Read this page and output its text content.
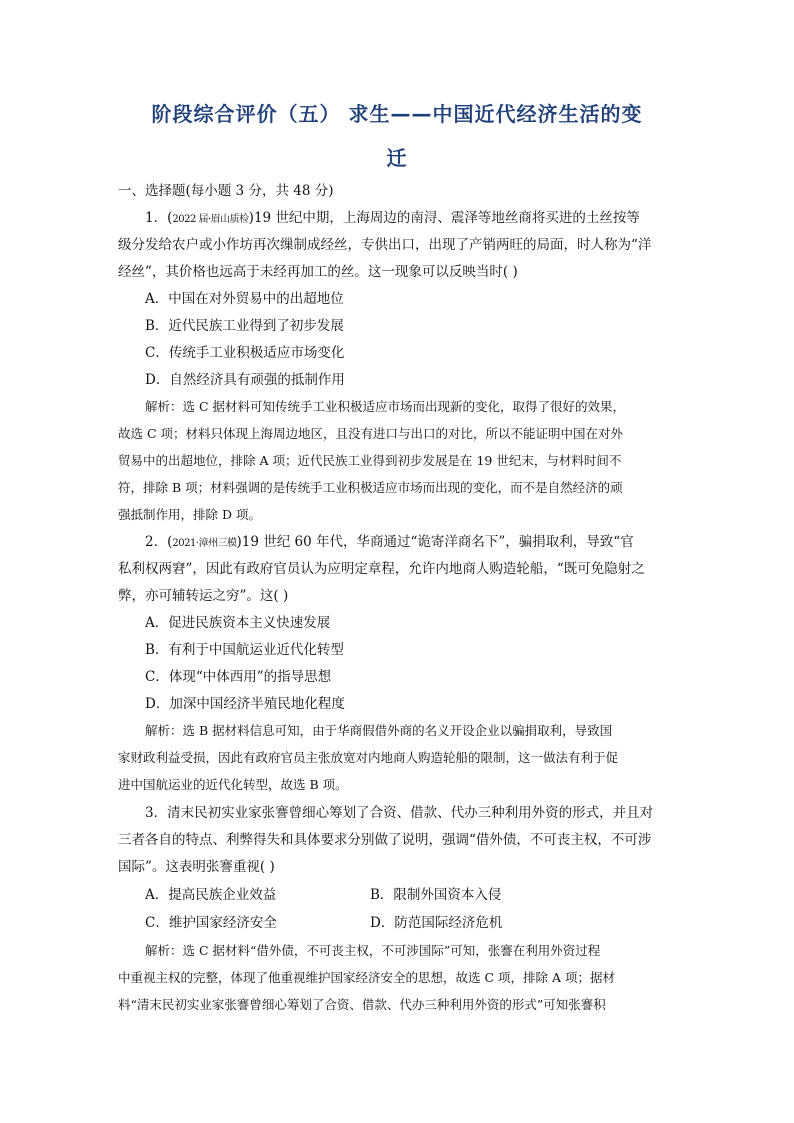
阶段综合评价（五） 求生——中国近代经济生活的变
迁
一、选择题(每小题 3 分，共 48 分)
1．(2022 届·眉山质检)19 世纪中期，上海周边的南浔、震泽等地丝商将买进的土丝按等
级分发给农户或小作坊再次缫制成经丝，专供出口，出现了产销两旺的局面，时人称为“洋
经丝”，其价格也远高于未经再加工的丝。这一现象可以反映当时( )
A．中国在对外贸易中的出超地位
B．近代民族工业得到了初步发展
C．传统手工业积极适应市场变化
D．自然经济具有顽强的抵制作用
解析：选 C 据材料可知传统手工业积极适应市场而出现新的变化，取得了很好的效果，
故选 C 项；材料只体现上海周边地区，且没有进口与出口的对比，所以不能证明中国在对外
贸易中的出超地位，排除 A 项；近代民族工业得到初步发展是在 19 世纪末，与材料时间不
符，排除 B 项；材料强调的是传统手工业积极适应市场而出现的变化，而不是自然经济的顽
强抵制作用，排除 D 项。
2．(2021·漳州三模)19 世纪 60 年代，华商通过“诡寄洋商名下”，骗捐取利，导致“官
私利权两窘”，因此有政府官员认为应明定章程，允许内地商人购造轮船，“既可免隐射之
弊，亦可辅转运之穷”。这( )
A．促进民族资本主义快速发展
B．有利于中国航运业近代化转型
C．体现“中体西用”的指导思想
D．加深中国经济半殖民地化程度
解析：选 B 据材料信息可知，由于华商假借外商的名义开设企业以骗捐取利，导致国
家财政利益受损，因此有政府官员主张放宽对内地商人购造轮船的限制，这一做法有利于促
进中国航运业的近代化转型，故选 B 项。
3．清末民初实业家张謇曾细心筹划了合资、借款、代办三种利用外资的形式，并且对
三者各自的特点、利弊得失和具体要求分别做了说明，强调“借外债，不可丧主权，不可涉
国际”。这表明张謇重视( )
A．提高民族企业效益	B．限制外国资本入侵
C．维护国家经济安全	D．防范国际经济危机
解析：选 C 据材料“借外债，不可丧主权，不可涉国际”可知，张謇在利用外资过程
中重视主权的完整，体现了他重视维护国家经济安全的思想，故选 C 项，排除 A 项；据材
料“清末民初实业家张謇曾细心筹划了合资、借款、代办三种利用外资的形式”可知张謇积
